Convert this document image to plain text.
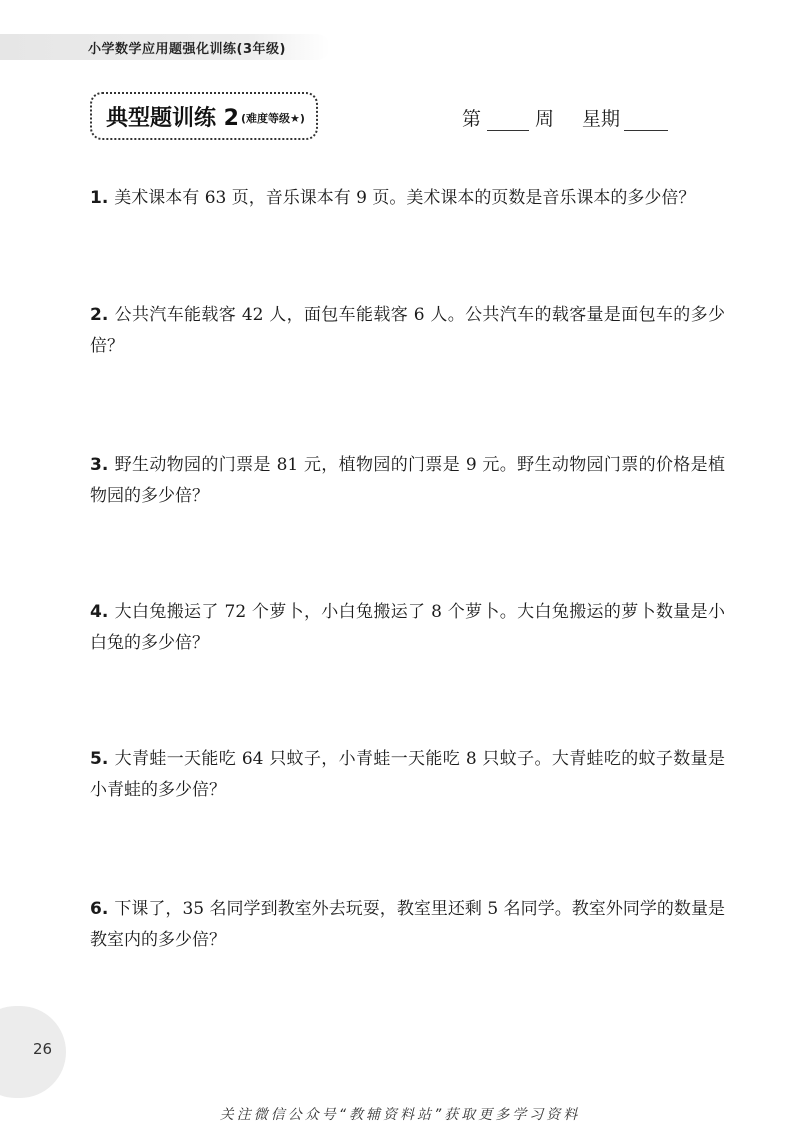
小学数学应用题强化训练(3年级)
典型题训练 2 (难度等级★)	第	周 星期
1. 美术课本有 63 页，音乐课本有 9 页。美术课本的页数是音乐课本的多少倍？
2. 公共汽车能载客 42 人，面包车能载客 6 人。公共汽车的载客量是面包车的多少倍？
3. 野生动物园的门票是 81 元，植物园的门票是 9 元。野生动物园门票的价格是植物园的多少倍？
4. 大白兔搬运了 72 个萝卜，小白兔搬运了 8 个萝卜。大白兔搬运的萝卜数量是小白兔的多少倍？
5. 大青蛙一天能吃 64 只蚊子，小青蛙一天能吃 8 只蚊子。大青蛙吃的蚊子数量是小青蛙的多少倍？
6. 下课了，35 名同学到教室外去玩耍，教室里还剩 5 名同学。教室外同学的数量是教室内的多少倍？
26
关注微信公众号“教辅资料站”获取更多学习资料
